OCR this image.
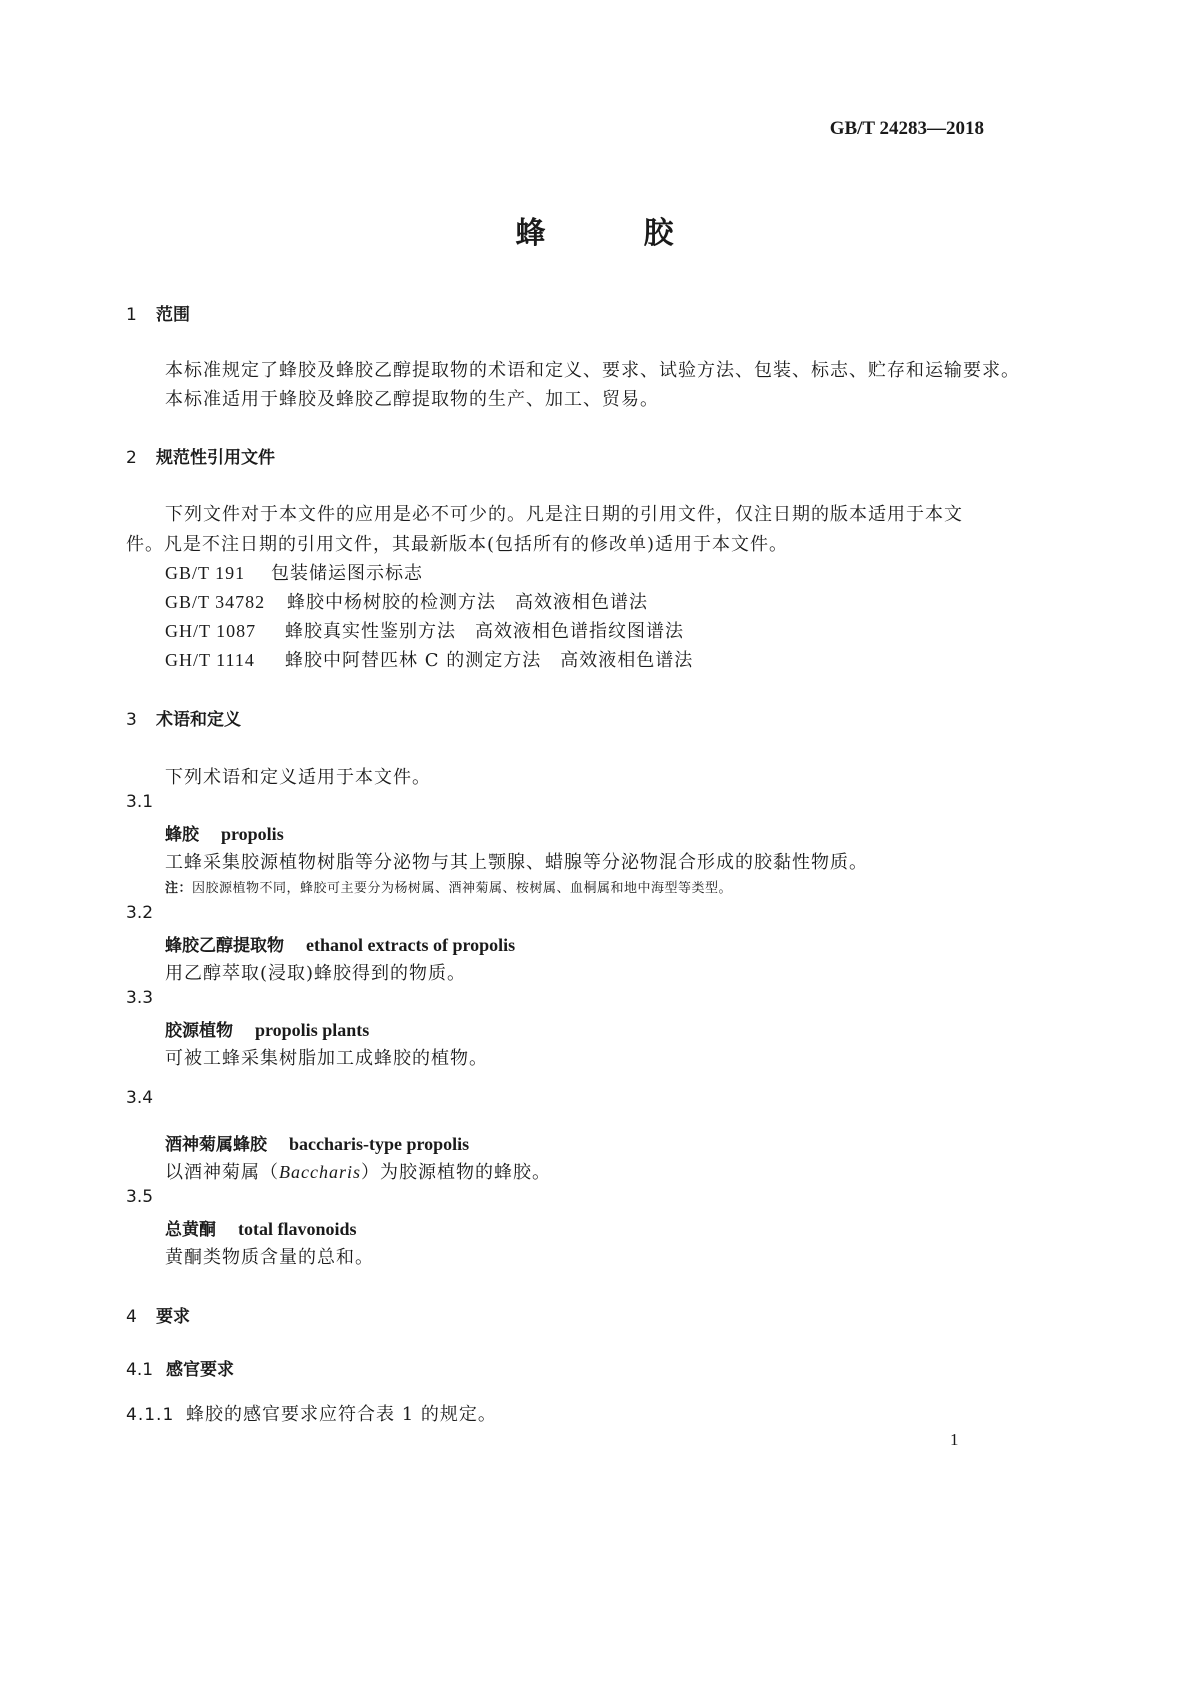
GB/T 24283—2018
蜂　　　胶
1 范围
本标准规定了蜂胶及蜂胶乙醇提取物的术语和定义、要求、试验方法、包装、标志、贮存和运输要求。
本标准适用于蜂胶及蜂胶乙醇提取物的生产、加工、贸易。
2 规范性引用文件
下列文件对于本文件的应用是必不可少的。凡是注日期的引用文件，仅注日期的版本适用于本文
件。凡是不注日期的引用文件，其最新版本(包括所有的修改单)适用于本文件。
GB/T 191 包装储运图示标志
GB/T 34782 蜂胶中杨树胶的检测方法　高效液相色谱法
GH/T 1087 蜂胶真实性鉴别方法　高效液相色谱指纹图谱法
GH/T 1114 蜂胶中阿替匹林 C 的测定方法　高效液相色谱法
3 术语和定义
下列术语和定义适用于本文件。
3.1
蜂胶 propolis
工蜂采集胶源植物树脂等分泌物与其上颚腺、蜡腺等分泌物混合形成的胶黏性物质。
注：因胶源植物不同，蜂胶可主要分为杨树属、酒神菊属、桉树属、血桐属和地中海型等类型。
3.2
蜂胶乙醇提取物 ethanol extracts of propolis
用乙醇萃取(浸取)蜂胶得到的物质。
3.3
胶源植物 propolis plants
可被工蜂采集树脂加工成蜂胶的植物。
3.4
酒神菊属蜂胶 baccharis-type propolis
以酒神菊属（Baccharis）为胶源植物的蜂胶。
3.5
总黄酮 total flavonoids
黄酮类物质含量的总和。
4 要求
4.1 感官要求
4.1.1 蜂胶的感官要求应符合表 1 的规定。
1
